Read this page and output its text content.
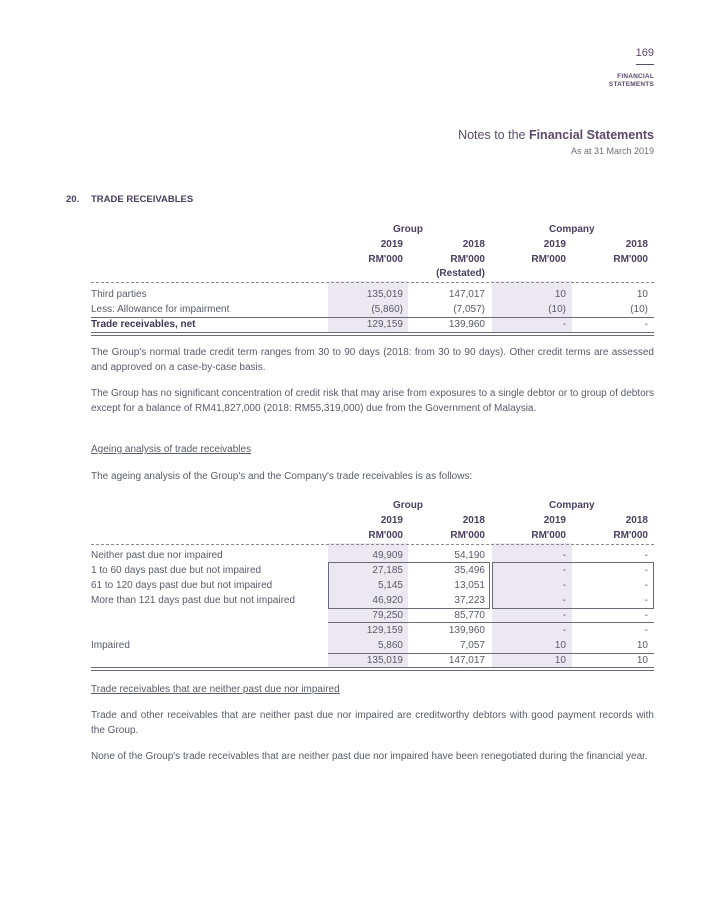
169
FINANCIAL
STATEMENTS
Notes to the Financial Statements
As at 31 March 2019
20. TRADE RECEIVABLES
Group	Company
2019	2018	2019	2018
RM'000	RM'000	RM'000	RM'000
(Restated)
Third parties	135,019	147,017	10	10
Less: Allowance for impairment	(5,860)	(7,057)	(10)	(10)
Trade receivables, net	129,159	139,960	-	-
The Group's normal trade credit term ranges from 30 to 90 days (2018: from 30 to 90 days). Other credit terms are assessed and approved on a case-by-case basis.
The Group has no significant concentration of credit risk that may arise from exposures to a single debtor or to group of debtors except for a balance of RM41,827,000 (2018: RM55,319,000) due from the Government of Malaysia.
Ageing analysis of trade receivables
The ageing analysis of the Group's and the Company's trade receivables is as follows:
Group	Company
2019	2018	2019	2018
RM'000	RM'000	RM'000	RM'000
Neither past due nor impaired	49,909	54,190	-	-
1 to 60 days past due but not impaired	27,185	35,496	-	-
61 to 120 days past due but not impaired	5,145	13,051	-	-
More than 121 days past due but not impaired	46,920	37,223	-	-
79,250	85,770	-	-
129,159	139,960	-	-
Impaired	5,860	7,057	10	10
135,019	147,017	10	10
Trade receivables that are neither past due nor impaired
Trade and other receivables that are neither past due nor impaired are creditworthy debtors with good payment records with the Group.
None of the Group's trade receivables that are neither past due nor impaired have been renegotiated during the financial year.
